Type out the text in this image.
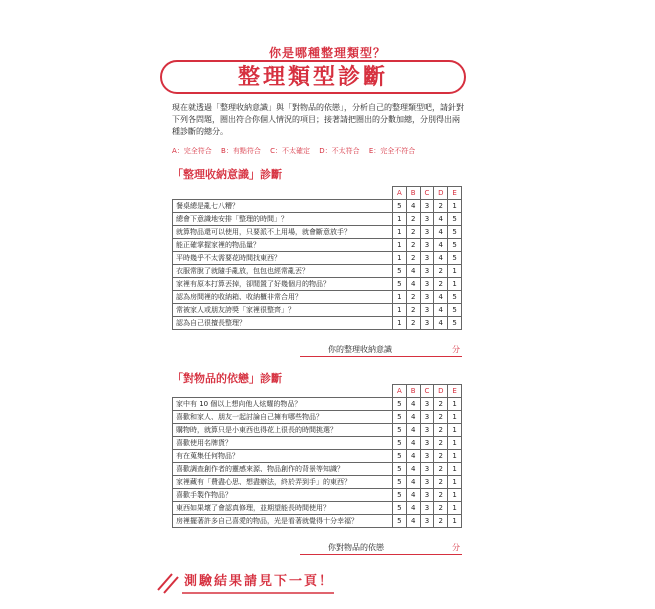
你是哪種整理類型？
整理類型診斷
現在就透過「整理收納意識」與「對物品的依戀」，分析自己的整理類型吧，請針對下列各問題，圈出符合你個人情況的項目；接著請把圈出的分數加總，分別得出兩種診斷的總分。
A：完全符合 B：有點符合 C：不太確定 D：不太符合 E：完全不符合
「整理收納意識」診斷
	A	B	C	D	E
餐桌總是亂七八糟？	5	4	3	2	1
總會下意識地安排「整理的時間」？	1	2	3	4	5
就算物品還可以使用，只要派不上用場，就會斷意放手？	1	2	3	4	5
能正確掌握家裡的物品量？	1	2	3	4	5
平時幾乎不太需要花時間找東西？	1	2	3	4	5
衣服常脫了就隨手亂放，包包也經常亂丟？	5	4	3	2	1
家裡有原本打算丟掉，卻閒置了好幾個月的物品？	5	4	3	2	1
認為房間裡的收納箱、收納櫃非常合用？	1	2	3	4	5
常被家人或朋友誇獎「家裡很整齊」？	1	2	3	4	5
認為自己很擅長整理？	1	2	3	4	5
你的整理收納意識	分
「對物品的依戀」診斷
	A	B	C	D	E
家中有 10 個以上想向他人炫耀的物品？	5	4	3	2	1
喜歡和家人、朋友一起討論自己擁有哪些物品？	5	4	3	2	1
購物時，就算只是小東西也得花上很長的時間挑選？	5	4	3	2	1
喜歡使用名牌貨？	5	4	3	2	1
有在蒐集任何物品？	5	4	3	2	1
喜歡調查創作者的靈感來源、物品創作的背景等知識？	5	4	3	2	1
家裡藏有「費盡心思、想盡辦法，終於弄到手」的東西？	5	4	3	2	1
喜歡手製作物品？	5	4	3	2	1
東西如果壞了會認真修理，並期望能長時間使用？	5	4	3	2	1
房裡擺著許多自己喜愛的物品，光是看著就覺得十分幸福？	5	4	3	2	1
你對物品的依戀	分
測驗結果請見下一頁！
